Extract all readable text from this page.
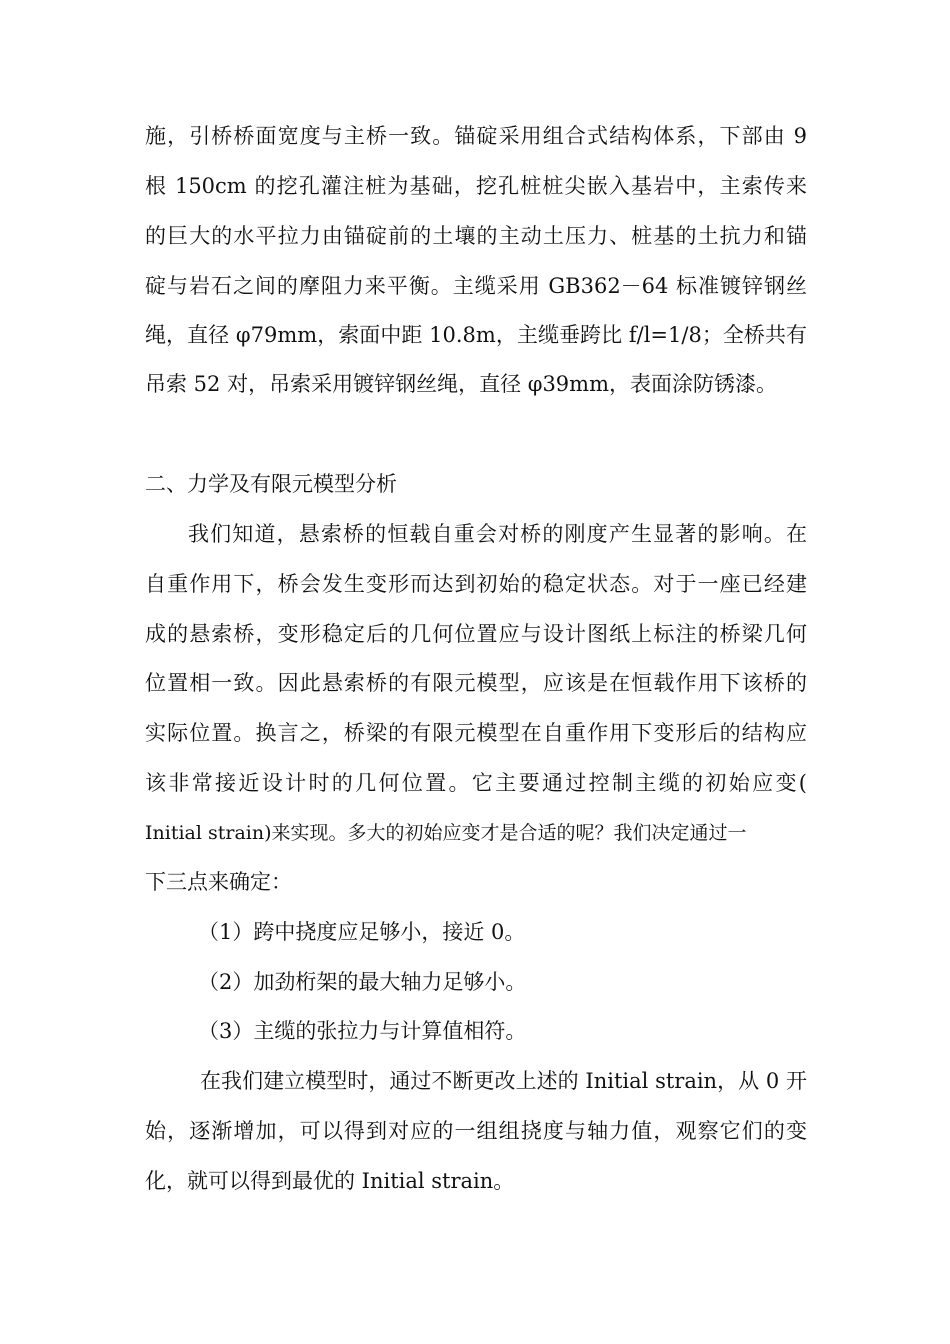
施，引桥桥面宽度与主桥一致。锚碇采用组合式结构体系，下部由 9
根 150cm 的挖孔灌注桩为基础，挖孔桩桩尖嵌入基岩中，主索传来
的巨大的水平拉力由锚碇前的土壤的主动土压力、桩基的土抗力和锚
碇与岩石之间的摩阻力来平衡。主缆采用 GB362－64 标准镀锌钢丝
绳，直径 φ79mm，索面中距 10.8m，主缆垂跨比 f/l=1/8；全桥共有
吊索 52 对，吊索采用镀锌钢丝绳，直径 φ39mm，表面涂防锈漆。
二、力学及有限元模型分析
我们知道，悬索桥的恒载自重会对桥的刚度产生显著的影响。在
自重作用下，桥会发生变形而达到初始的稳定状态。对于一座已经建
成的悬索桥，变形稳定后的几何位置应与设计图纸上标注的桥梁几何
位置相一致。因此悬索桥的有限元模型，应该是在恒载作用下该桥的
实际位置。换言之，桥梁的有限元模型在自重作用下变形后的结构应
该非常接近设计时的几何位置。它主要通过控制主缆的初始应变(
Initial strain)来实现。多大的初始应变才是合适的呢？我们决定通过一
下三点来确定：
（1）跨中挠度应足够小，接近 0。
（2）加劲桁架的最大轴力足够小。
（3）主缆的张拉力与计算值相符。
在我们建立模型时，通过不断更改上述的 Initial strain，从 0 开
始，逐渐增加，可以得到对应的一组组挠度与轴力值，观察它们的变
化，就可以得到最优的 Initial strain。
